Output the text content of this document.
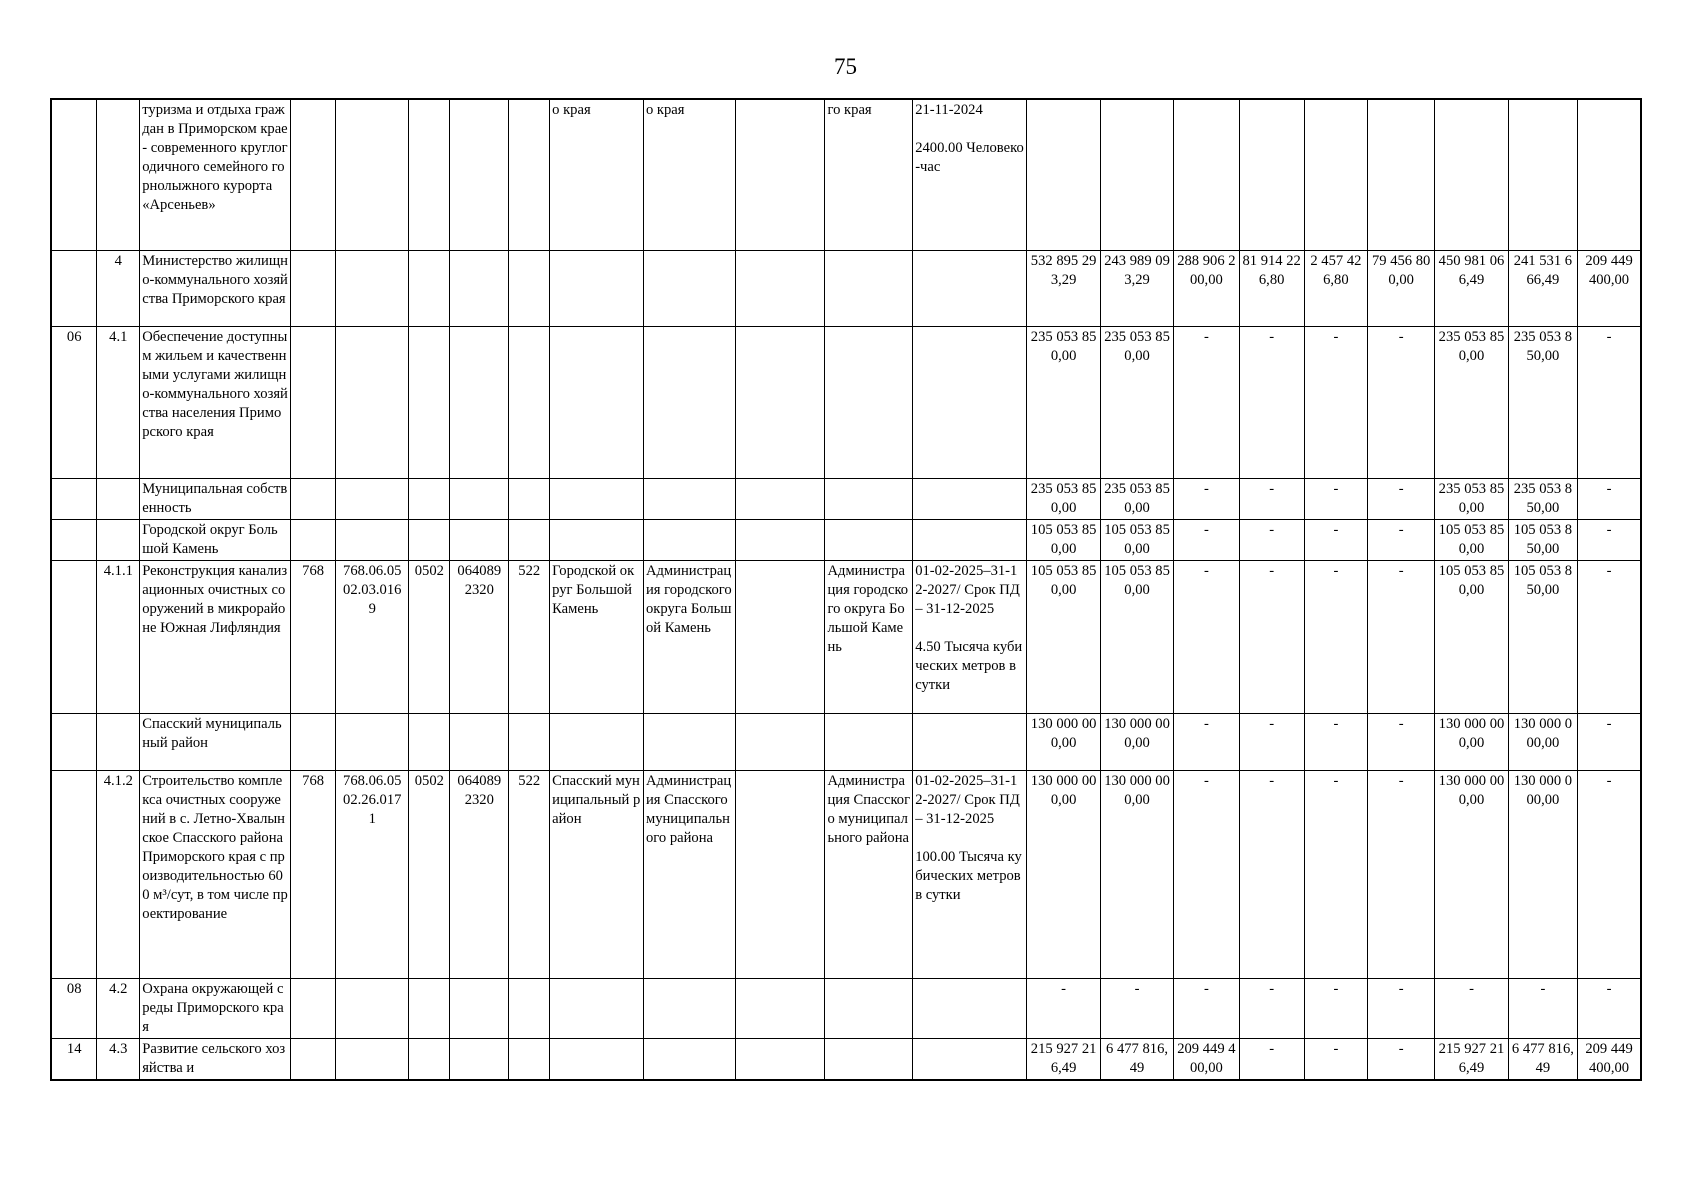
75

		туризма и отдыха граждан в Приморском крае - современного круглогодичного семейного горнолыжного курорта «Арсеньев»						о края	о края		го края	21-11-2024

2400.00 Человеко-час									

	4	Министерство жилищно-коммунального хозяйства Приморского края											532 895 293,29	243 989 093,29	288 906 200,00	81 914 226,80	2 457 426,80	79 456 800,00	450 981 066,49	241 531 666,49	209 449 400,00

06	4.1	Обеспечение доступным жильем и качественными услугами жилищно-коммунального хозяйства населения Приморского края											235 053 850,00	235 053 850,00	-	-	-	-	235 053 850,00	235 053 850,00	-

		Муниципальная собственность											235 053 850,00	235 053 850,00	-	-	-	-	235 053 850,00	235 053 850,00	-

		Городской округ Большой Камень											105 053 850,00	105 053 850,00	-	-	-	-	105 053 850,00	105 053 850,00	-

	4.1.1	Реконструкция канализационных очистных сооружений в микрорайоне Южная Лифляндия	768	768.06.05 02.03.016 9	0502	064089 2320	522	Городской округ Большой Камень	Администрация городского округа Большой Камень		Администрация городского округа Большой Камень	01-02-2025–31-12-2027/ Срок ПД – 31-12-2025

4.50 Тысяча кубических метров в сутки	105 053 850,00	105 053 850,00	-	-	-	-	105 053 850,00	105 053 850,00	-

		Спасский муниципальный район											130 000 000,00	130 000 000,00	-	-	-	-	130 000 000,00	130 000 000,00	-

	4.1.2	Строительство комплекса очистных сооружений в с. Летно-Хвалынское Спасского района Приморского края с производительностью 600 м³/сут, в том числе проектирование	768	768.06.05 02.26.017 1	0502	064089 2320	522	Спасский муниципальный район	Администрация Спасского муниципального района		Администрация Спасского муниципального района	01-02-2025–31-12-2027/ Срок ПД – 31-12-2025

100.00 Тысяча кубических метров в сутки	130 000 000,00	130 000 000,00	-	-	-	-	130 000 000,00	130 000 000,00	-

08	4.2	Охрана окружающей среды Приморского края											-	-	-	-	-	-	-	-	-

14	4.3	Развитие сельского хозяйства и											215 927 216,49	6 477 816,49	209 449 400,00	-	-	-	215 927 216,49	6 477 816,49	209 449 400,00
